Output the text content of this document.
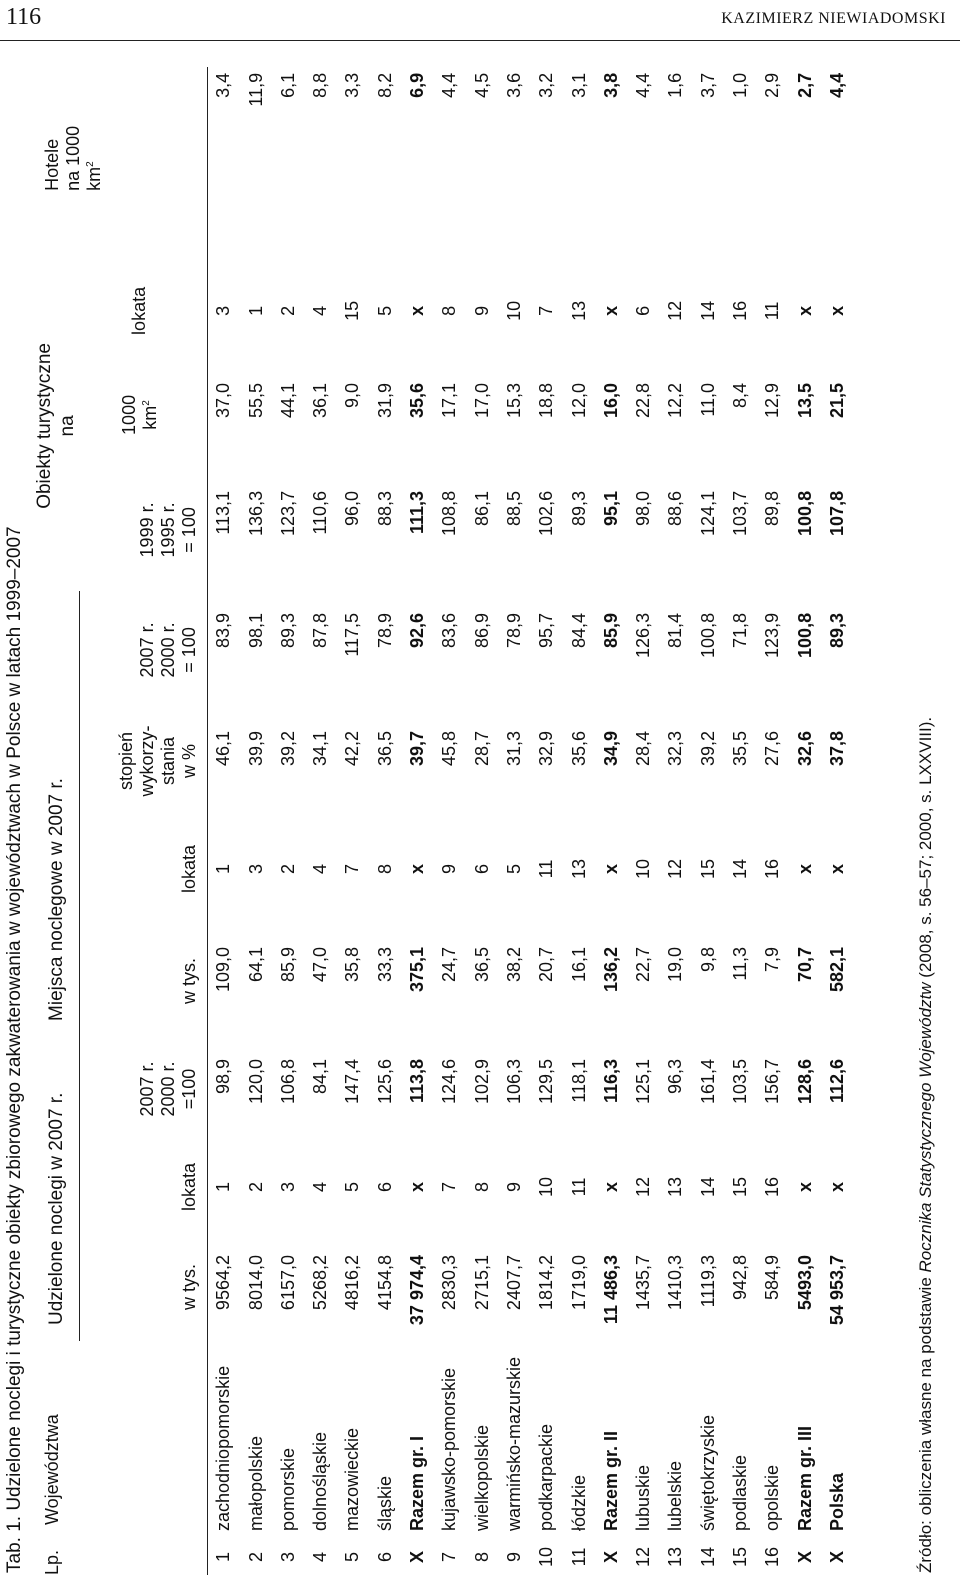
116	KAZIMIERZ NIEWIADOMSKI
Tab. 1. Udzielone noclegi i turystyczne obiekty zbiorowego zakwaterowania w województwach w Polsce w latach 1999–2007
		Udzielone noclegi w 2007 r.			Miejsca noclegowe w 2007 r.				Obiekty turystyczne
na			
Lp.	Województwa	w tys.	lokata	2007 r.
2000 r.
=100	w tys.	lokata	stopień
wykorzy-
stania
w %	2007 r.
2000 r.
= 100	1999 r.
1995 r.
= 100	1000
$km^2$	lokata	Hotele
na 1000
$km^2$
1	zachodniopomorskie	9564,2	1	98,9	109,0	1	46,1	83,9	113,1	37,0	3	3,4
2	małopolskie	8014,0	2	120,0	64,1	3	39,9	98,1	136,3	55,5	1	11,9
3	pomorskie	6157,0	3	106,8	85,9	2	39,2	89,3	123,7	44,1	2	6,1
4	dolnośląskie	5268,2	4	84,1	47,0	4	34,1	87,8	110,6	36,1	4	8,8
5	mazowieckie	4816,2	5	147,4	35,8	7	42,2	117,5	96,0	9,0	15	3,3
6	śląskie	4154,8	6	125,6	33,3	8	36,5	78,9	88,3	31,9	5	8,2
X	Razem gr. I	37 974,4	x	113,8	375,1	x	39,7	92,6	111,3	35,6	x	6,9
7	kujawsko-pomorskie	2830,3	7	124,6	24,7	9	45,8	83,6	108,8	17,1	8	4,4
8	wielkopolskie	2715,1	8	102,9	36,5	6	28,7	86,9	86,1	17,0	9	4,5
9	warmińsko-mazurskie	2407,7	9	106,3	38,2	5	31,3	78,9	88,5	15,3	10	3,6
10	podkarpackie	1814,2	10	129,5	20,7	11	32,9	95,7	102,6	18,8	7	3,2
11	łódzkie	1719,0	11	118,1	16,1	13	35,6	84,4	89,3	12,0	13	3,1
X	Razem gr. II	11 486,3	x	116,3	136,2	x	34,9	85,9	95,1	16,0	x	3,8
12	lubuskie	1435,7	12	125,1	22,7	10	28,4	126,3	98,0	22,8	6	4,4
13	lubelskie	1410,3	13	96,3	19,0	12	32,3	81,4	88,6	12,2	12	1,6
14	świętokrzyskie	1119,3	14	161,4	9,8	15	39,2	100,8	124,1	11,0	14	3,7
15	podlaskie	942,8	15	103,5	11,3	14	35,5	71,8	103,7	8,4	16	1,0
16	opolskie	584,9	16	156,7	7,9	16	27,6	123,9	89,8	12,9	11	2,9
X	Razem gr. III	5493,0	x	128,6	70,7	x	32,6	100,8	100,8	13,5	x	2,7
X	Polska	54 953,7	x	112,6	582,1	x	37,8	89,3	107,8	21,5	x	4,4
Źródło: obliczenia własne na podstawie Rocznika Statystycznego Województw (2008, s. 56–57; 2000, s. LXXVIII).
